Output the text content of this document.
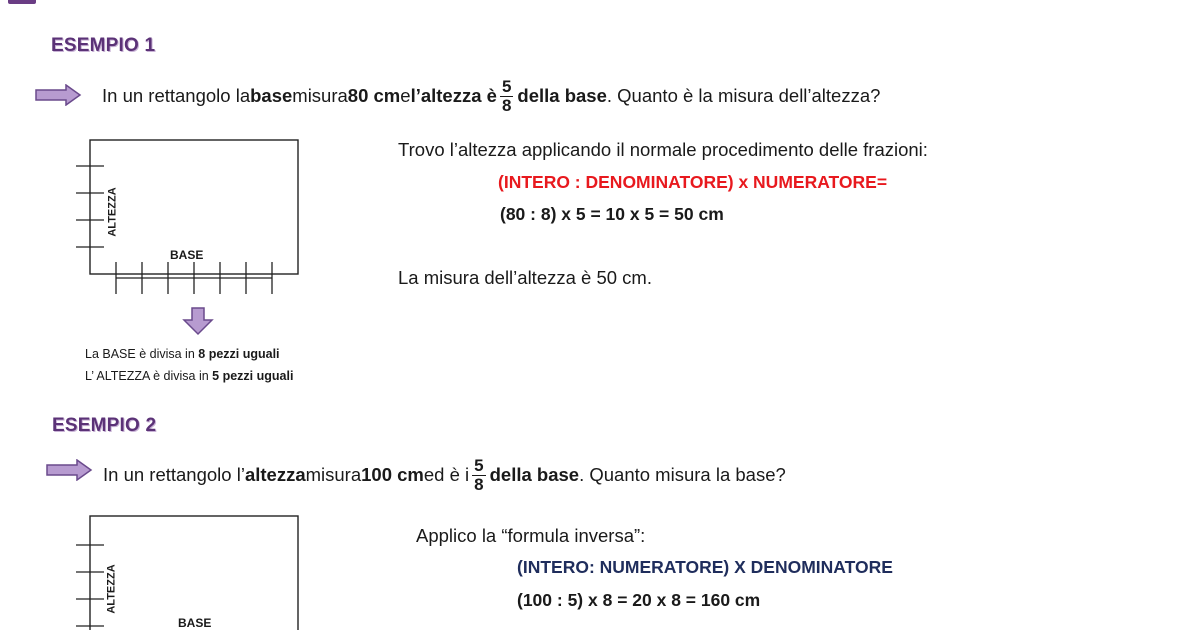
ESEMPIO 1
In un rettangolo la base misura 80 cm e l’altezza è $\frac{5}{8}$ della base . Quanto è la misura dell’altezza?
ALTEZZA
BASE
La BASE è divisa in 8 pezzi uguali
L’ ALTEZZA è divisa in 5 pezzi uguali
Trovo l’altezza applicando il normale procedimento delle frazioni:
(INTERO : DENOMINATORE) x NUMERATORE=
(80 : 8) x 5 = 10 x 5 = 50 cm
La misura dell’altezza è 50 cm.
ESEMPIO 2
In un rettangolo l’ altezza misura 100 cm ed è i $\frac{5}{8}$ della base . Quanto misura la base?
ALTEZZA
BASE
Applico la “formula inversa”:
(INTERO: NUMERATORE) X DENOMINATORE
(100 : 5) x 8 = 20 x 8 = 160 cm
